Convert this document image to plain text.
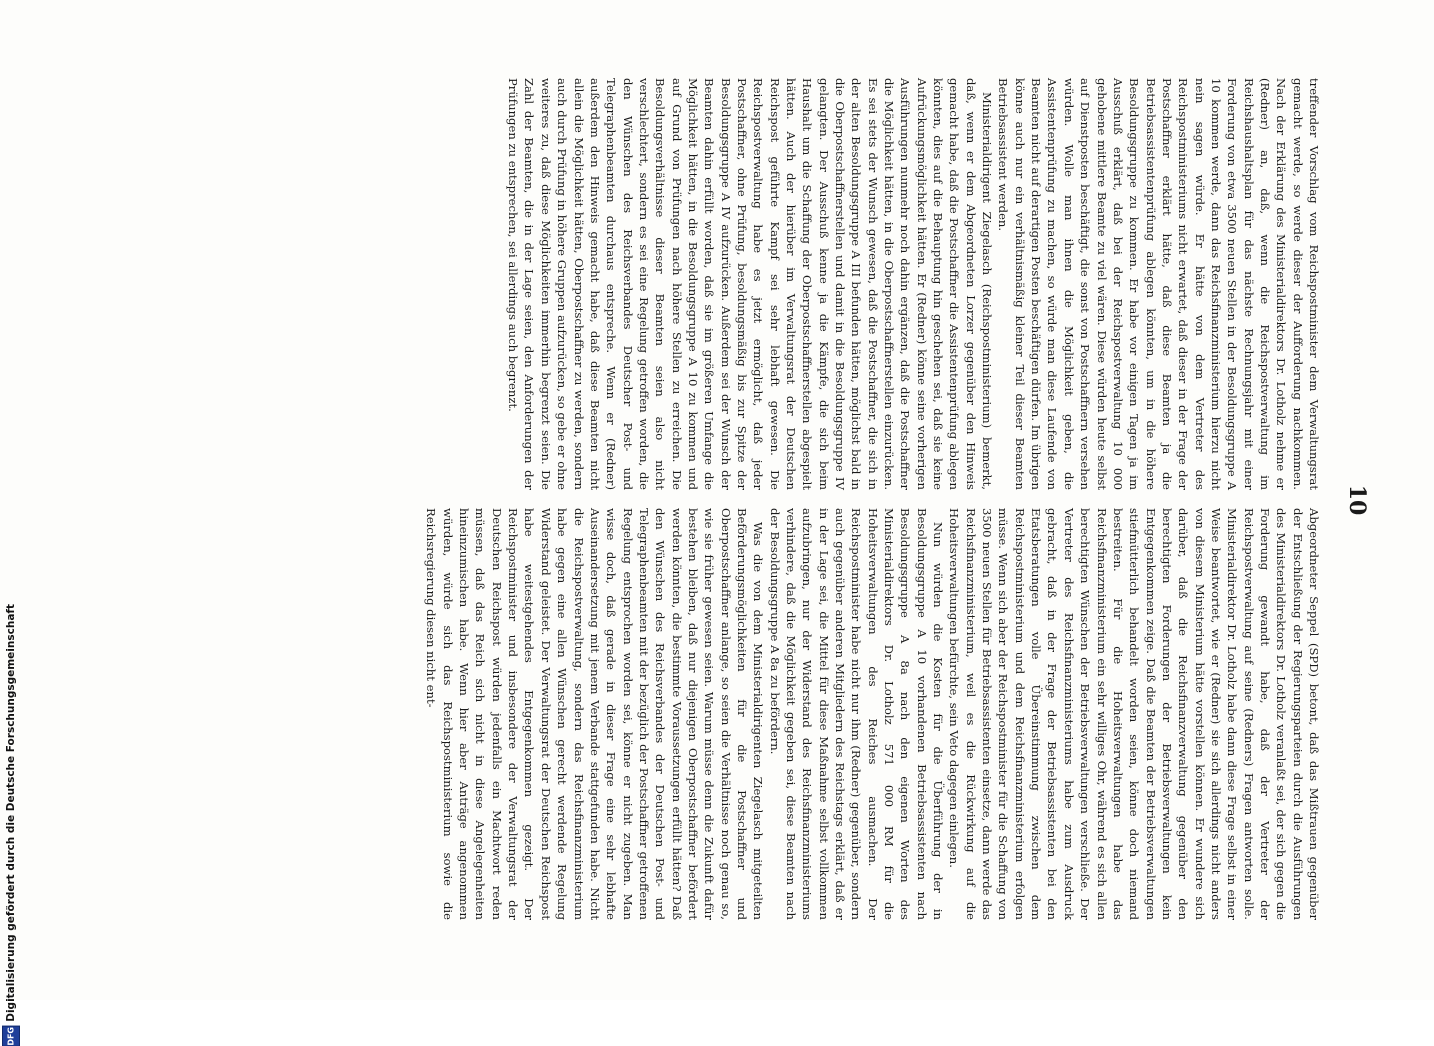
10

treffender Vorschlag vom Reichspostminister dem Verwaltungsrat gemacht werde, so werde dieser der Aufforderung nachkommen. Nach der Erklärung des Ministerialdirektors Dr. Lotholz nehme er (Redner) an, daß, wenn die Reichspostverwaltung im Reichshaushaltsplan für das nächste Rechnungsjahr mit einer Forderung von etwa 3500 neuen Stellen in der Besoldungsgruppe A 10 kommen werde, dann das Reichsfinanzministerium hierzu nicht nein sagen würde. Er hätte von dem Vertreter des Reichspostministeriums nicht erwartet, daß dieser in der Frage der Postschaffner erklärt hätte, daß diese Beamten ja die Betriebsassistentenprüfung ablegen könnten, um in die höhere Besoldungsgruppe zu kommen. Er habe vor einigen Tagen ja im Ausschuß erklärt, daß bei der Reichspostverwaltung 10 000 gehobene mittlere Beamte zu viel wären. Diese würden heute selbst auf Dienstposten beschäftigt, die sonst von Postschaffnern versehen würden. Wolle man ihnen die Möglichkeit geben, die Assistentenprüfung zu machen, so würde man diese Laufende von Beamten nicht auf derartigen Posten beschäftigen dürfen. Im übrigen könne auch nur ein verhältnismäßig kleiner Teil dieser Beamten Betriebsassistent werden.

Ministerialdirigent Ziegelasch (Reichspostministerium) bemerkt, daß, wenn er dem Abgeordneten Lorzer gegenüber den Hinweis gemacht habe, daß die Postschaffner die Assistentenprüfung ablegen könnten, dies auf die Behauptung hin geschehen sei, daß sie keine Aufrückungsmöglichkeit hätten. Er (Redner) könne seine vorherigen Ausführungen nunmehr noch dahin ergänzen, daß die Postschaffner die Möglichkeit hätten, in die Oberpostschaffnerstellen einzurücken. Es sei stets der Wunsch gewesen, daß die Postschaffner, die sich in der alten Besoldungsgruppe A III befunden hätten, möglichst bald in die Oberpostschaffnerstellen und damit in die Besoldungsgruppe IV gelangten. Der Ausschuß kenne ja die Kämpfe, die sich beim Haushalt um die Schaffung der Oberpostschaffnerstellen abgespielt hätten. Auch der hierüber im Verwaltungsrat der Deutschen Reichspost geführte Kampf sei sehr lebhaft gewesen. Die Reichspostverwaltung habe es jetzt ermöglicht, daß jeder Postschaffner, ohne Prüfung, besoldungsmäßig bis zur Spitze der Besoldungsgruppe A IV aufzurücken. Außerdem sei der Wunsch der Beamten dahin erfüllt worden, daß sie im größeren Umfange die Möglichkeit hätten, in die Besoldungsgruppe A 10 zu kommen und auf Grund von Prüfungen nach höhere Stellen zu erreichen. Die Besoldungsverhältnisse dieser Beamten seien also nicht verschlechtert, sondern es sei eine Regelung getroffen worden, die den Wünschen des Reichsverbandes Deutscher Post- und Telegraphenbeamten durchaus entspreche. Wenn er (Redner) außerdem den Hinweis gemacht habe, daß diese Beamten nicht allein die Möglichkeit hätten, Oberpostschaffner zu werden, sondern auch durch Prüfung in höhere Gruppen aufzurücken, so gebe er ohne weiteres zu, daß diese Möglichkeiten immerhin begrenzt seien. Die Zahl der Beamten, die in der Lage seien, den Anforderungen der Prüfungen zu entsprechen, sei allerdings auch begrenzt.

Abgeordneter Seppel (SPD) betont, daß das Mißtrauen gegenüber der Entschließung der Regierungsparteien durch die Ausführungen des Ministerialdirektors Dr. Lotholz veranlaßt sei, der sich gegen die Forderung gewandt habe, daß der Vertreter der Reichspostverwaltung auf seine (Redners) Fragen antworten solle. Ministerialdirektor Dr. Lotholz habe dann diese Frage selbst in einer Weise beantwortet, wie er (Redner) sie sich allerdings nicht anders von diesem Ministerium hätte vorstellen können. Er wundere sich darüber, daß die Reichsfinanzverwaltung gegenüber den berechtigten Forderungen der Betriebsverwaltungen kein Entgegenkommen zeige. Daß die Beamten der Betriebsverwaltungen stiefmütterlich behandelt worden seien, könne doch niemand bestreiten. Für die Hoheitsverwaltungen habe das Reichsfinanzministerium ein sehr williges Ohr, während es sich allen berechtigten Wünschen der Betriebsverwaltungen verschließe. Der Vertreter des Reichsfinanzministeriums habe zum Ausdruck gebracht, daß in der Frage der Betriebsassistenten bei den Etatsberatungen volle Übereinstimmung zwischen dem Reichspostministerium und dem Reichsfinanzministerium erfolgen müsse. Wenn sich aber der Reichspostminister für die Schaffung von 3500 neuen Stellen für Betriebsassistenten einsetze, dann werde das Reichsfinanzministerium, weil es die Rückwirkung auf die Hoheitsverwaltungen befürchte, sein Veto dagegen einlegen.

Nun würden die Kosten für die Überführung der in Besoldungsgruppe A 10 vorhandenen Betriebsassistenten nach Besoldungsgruppe A 8a nach den eigenen Worten des Ministerialdirektors Dr. Lotholz 571 000 RM für die Hoheitsverwaltungen des Reiches ausmachen. Der Reichspostminister habe nicht nur ihm (Redner) gegenüber, sondern auch gegenüber anderen Mitgliedern des Reichstags erklärt, daß er in der Lage sei, die Mittel für diese Maßnahme selbst vollkommen aufzubringen, nur der Widerstand des Reichsfinanzministeriums verhindere, daß die Möglichkeit gegeben sei, diese Beamten nach der Besoldungsgruppe A 8a zu befördern.

Was die von dem Ministerialdirigenten Ziegelasch mitgeteilten Beförderungsmöglichkeiten für die Postschaffner und Oberpostschaffner anlange, so seien die Verhältnisse noch genau so, wie sie früher gewesen seien. Warum müsse denn die Zukunft dafür bestehen bleiben, daß nur diejenigen Oberpostschaffner befördert werden könnten, die bestimmte Voraussetzungen erfüllt hätten? Daß den Wünschen des Reichsverbandes der Deutschen Post- und Telegraphenbeamten mit der bezüglich der Postschaffner getroffenen Regelung entsprochen worden sei, könne er nicht zugeben. Man wisse doch, daß gerade in dieser Frage eine sehr lebhafte Auseinandersetzung mit jenem Verbande stattgefunden habe. Nicht die Reichspostverwaltung, sondern das Reichsfinanzministerium habe gegen eine allen Wünschen gerecht werdende Regelung Widerstand geleistet. Der Verwaltungsrat der Deutschen Reichspost habe weitestgehendes Entgegenkommen gezeigt. Der Reichspostminister und insbesondere der Verwaltungsrat der Deutschen Reichspost würden jedenfalls ein Machtwort reden müssen, daß das Reich sich nicht in diese Angelegenheiten hineinzumischen habe. Wenn hier aber Anträge angenommen würden, würde sich das Reichspostministerium sowie die Reichsregierung diesen nicht ent-

Digitalisierung gefördert durch die Deutsche Forschungsgemeinschaft
DFG
